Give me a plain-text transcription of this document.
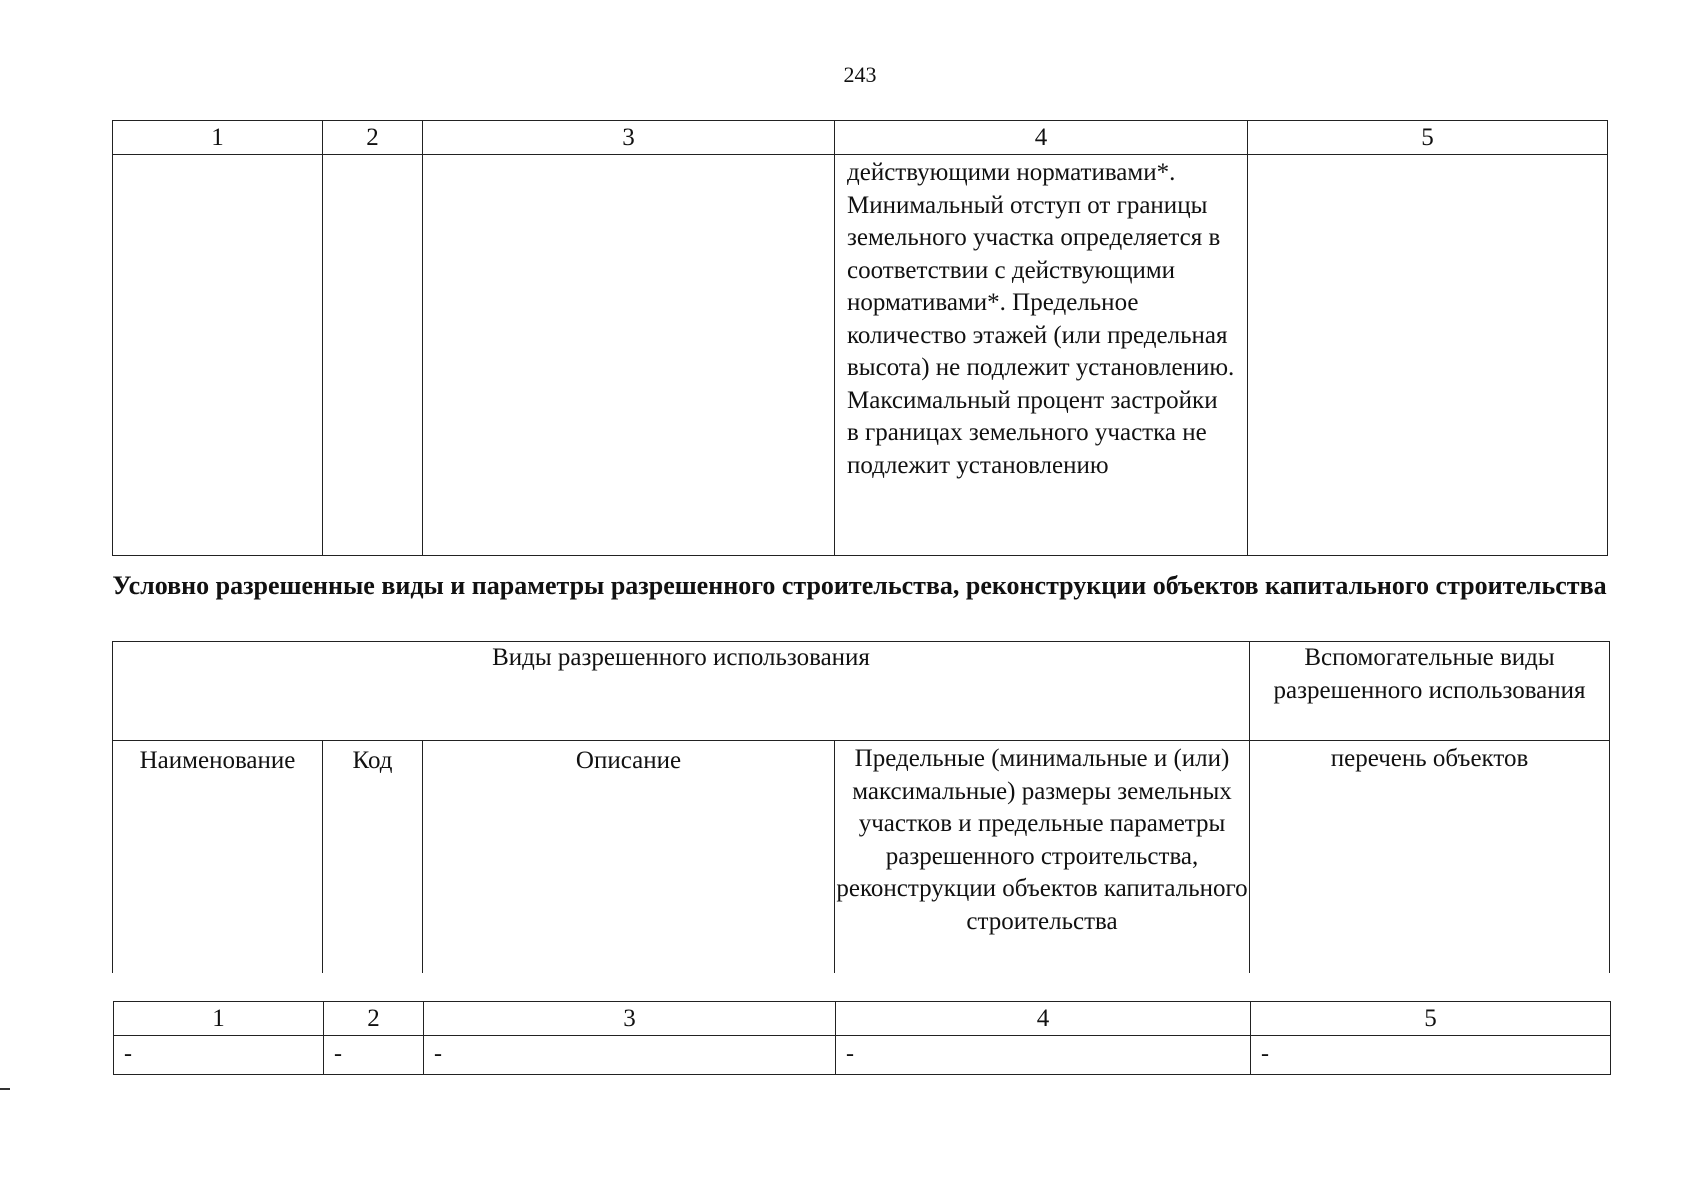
243
1	2	3	4	5
			действующими нормативами*. Минимальный отступ от границы земельного участка определяется в соответствии с действующими нормативами*. Предельное количество этажей (или предельная высота) не подлежит установлению. Максимальный процент застройки в границах земельного участка не подлежит установлению	
Условно разрешенные виды и параметры разрешенного строительства, реконструкции объектов капитального строительства
Виды разрешенного использования				Вспомогательные виды разрешенного использования
Наименование	Код	Описание	Предельные (минимальные и (или) максимальные) размеры земельных участков и предельные параметры разрешенного строительства, реконструкции объектов капитального строительства	перечень объектов
1	2	3	4	5
-	-	-	-	-
